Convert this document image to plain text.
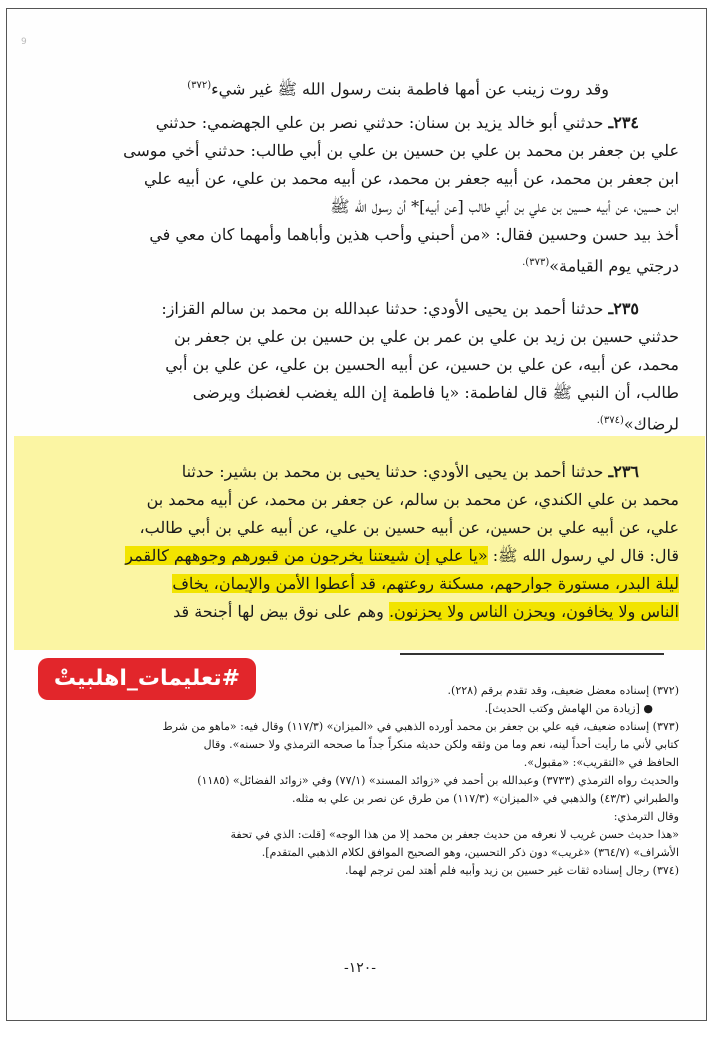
9
وقد روت زينب عن أمها فاطمة بنت رسول الله ﷺ غير شيء$^{(٣٧٢)}$
٢٣٤ـ حدثني أبو خالد يزيد بن سنان: حدثني نصر بن علي الجهضمي: حدثني
علي بن جعفر بن محمد بن علي بن حسين بن علي بن أبي طالب: حدثني أخي موسى
ابن جعفر بن محمد، عن أبيه جعفر بن محمد، عن أبيه محمد بن علي، عن أبيه علي
ابن حسين، عن أبيه حسين بن علي بن أبي طالب [عن أبيه]* أن رسول الله ﷺ
أخذ بيد حسن وحسين فقال: «من أحبني وأحب هذين وأباهما وأمهما كان معي في
درجتي يوم القيامة»$^{(٣٧٣).}$
٢٣٥ـ حدثنا أحمد بن يحيى الأودي: حدثنا عبدالله بن محمد بن سالم القزاز:
حدثني حسين بن زيد بن علي بن عمر بن علي بن حسين بن علي بن جعفر بن
محمد، عن أبيه، عن علي بن حسين، عن أبيه الحسين بن علي، عن علي بن أبي
طالب، أن النبي ﷺ قال لفاطمة: «يا فاطمة إن الله يغضب لغضبك ويرضى
لرضاك»$^{(٣٧٤).}$
٢٣٦ـ حدثنا أحمد بن يحيى الأودي: حدثنا يحيى بن محمد بن بشير: حدثنا
محمد بن علي الكندي، عن محمد بن سالم، عن جعفر بن محمد، عن أبيه محمد بن
علي، عن أبيه علي بن حسين، عن أبيه حسين بن علي، عن أبيه علي بن أبي طالب،
قال: قال لي رسول الله ﷺ: «يا علي إن شيعتنا يخرجون من قبورهم وجوههم كالقمر
ليلة البدر، مستورة جوارحهم، مسكنة روعتهم، قد أعطوا الأمن والإيمان، يخاف
الناس ولا يخافون، ويحزن الناس ولا يحزنون. وهم على نوق بيض لها أجنحة قد
#تعليمات_اهلبيتْ	(٣٧٢) إسناده معضل ضعيف، وقد تقدم برقم (٢٢٨).
● [زيادة من الهامش وكتب الحديث].
(٣٧٣) إسناده ضعيف، فيه علي بن جعفر بن محمد أورده الذهبي في «الميزان» (١١٧/٣) وقال فيه: «ماهو من شرط
كتابي لأني ما رأيت أحداً لينه، نعم وما من وثقه ولكن حديثه منكراً جداً ما صححه الترمذي ولا حسنه». وقال
الحافظ في «التقريب»: «مقبول».
والحديث رواه الترمذي (٣٧٣٣) وعبدالله بن أحمد في «زوائد المسند» (٧٧/١) وفي «زوائد الفضائل» (١١٨٥)
والطبراني (٤٣/٣) والذهبي في «الميزان» (١١٧/٣) من طرق عن نصر بن علي به مثله.
وقال الترمذي:
«هذا حديث حسن غريب لا نعرفه من حديث جعفر بن محمد إلا من هذا الوجه» [قلت: الذي في تحفة
الأشراف» (٣٦٤/٧) «غريب» دون ذكر التحسين، وهو الصحيح الموافق لكلام الذهبي المتقدم].
(٣٧٤) رجال إسناده ثقات غير حسين بن زيد وأبيه فلم أهتد لمن ترجم لهما.
-١٢٠-
